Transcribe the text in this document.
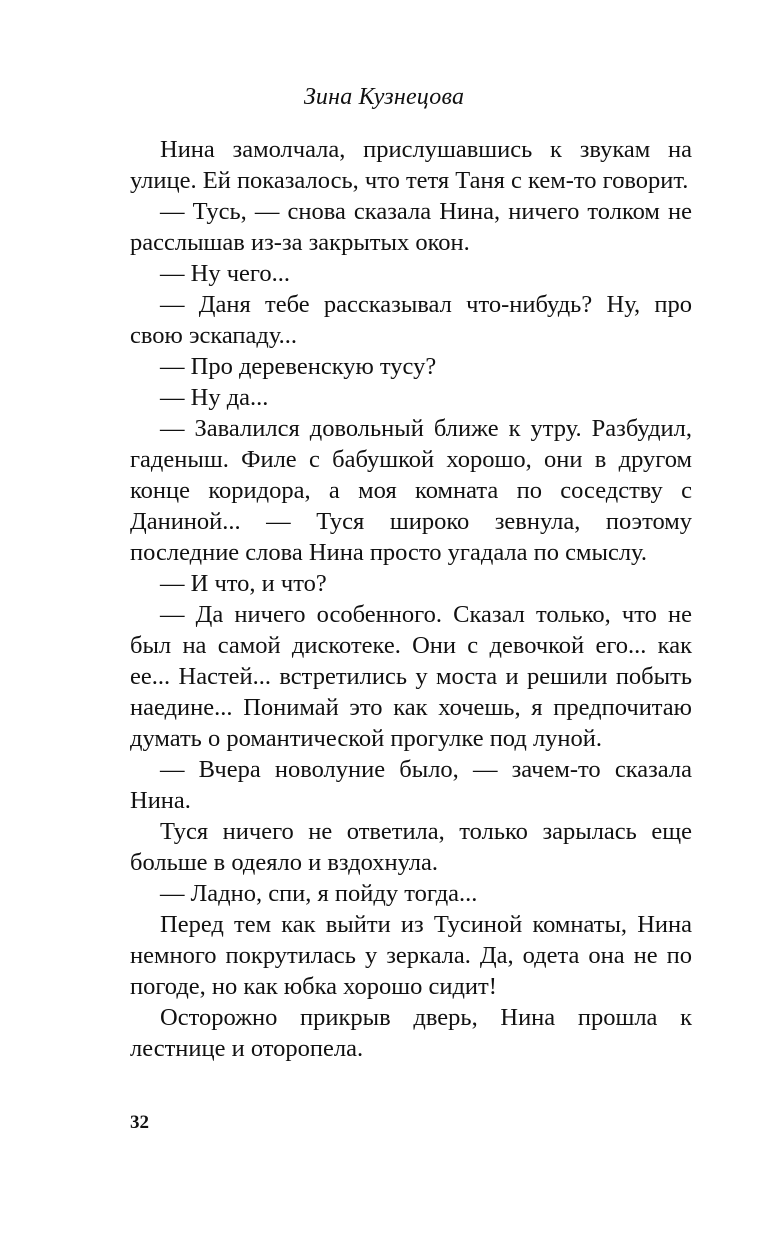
Зина Кузнецова

Нина замолчала, прислушавшись к звукам на улице. Ей показалось, что тетя Таня с кем-то говорит.

— Тусь, — снова сказала Нина, ничего толком не расслышав из-за закрытых окон.

— Ну чего...

— Даня тебе рассказывал что-нибудь? Ну, про свою эскападу...

— Про деревенскую тусу?

— Ну да...

— Завалился довольный ближе к утру. Разбудил, гаденыш. Филе с бабушкой хорошо, они в другом конце коридора, а моя комната по соседству с Даниной... — Туся широко зевнула, поэтому последние слова Нина просто угадала по смыслу.

— И что, и что?

— Да ничего особенного. Сказал только, что не был на самой дискотеке. Они с девочкой его... как ее... Настей... встретились у моста и решили побыть наедине... Понимай это как хочешь, я предпочитаю думать о романтической прогулке под луной.

— Вчера новолуние было, — зачем-то сказала Нина.

Туся ничего не ответила, только зарылась еще больше в одеяло и вздохнула.

— Ладно, спи, я пойду тогда...

Перед тем как выйти из Тусиной комнаты, Нина немного покрутилась у зеркала. Да, одета она не по погоде, но как юбка хорошо сидит!

Осторожно прикрыв дверь, Нина прошла к лестнице и оторопела.

32
